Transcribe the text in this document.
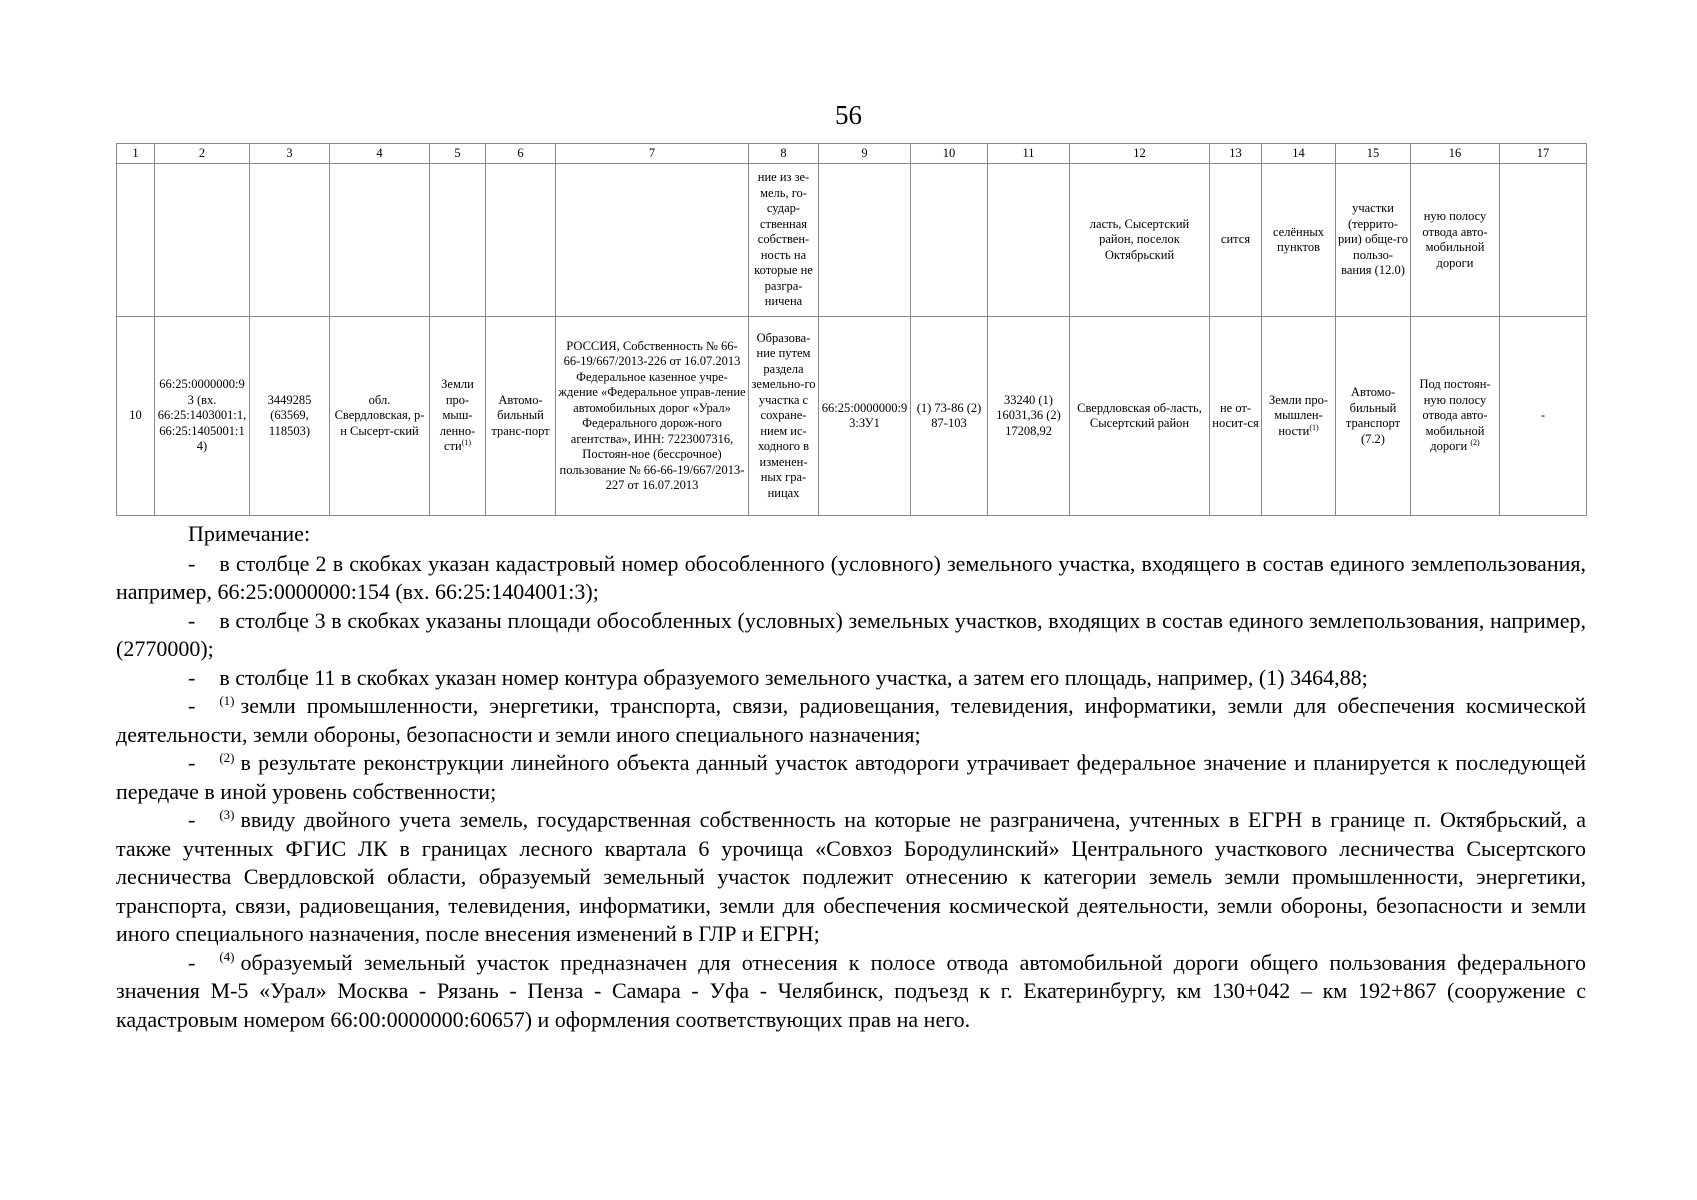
56
1	2	3	4	5	6	7	8	9	10	11	12	13	14	15	16	17
							ние из зе-мель, го-судар-ственная собствен-ность на которые не разгра-ничена				ласть, Сысертский район, поселок Октябрьский	сится	селённых пунктов	участки (террито-рии) обще-го пользо-вания (12.0)	ную полосу отвода авто-мобильной дороги	
10	66:25:0000000:93 (вх. 66:25:1403001:1, 66:25:1405001:14)	3449285 (63569, 118503)	обл. Свердловская, р-н Сысерт-ский	Земли про-мыш-ленно-сти$^{(1)}$	Автомо-бильный транс-порт	РОССИЯ, Собственность № 66-66-19/667/2013-226 от 16.07.2013 Федеральное казенное учре-ждение «Федеральное управ-ление автомобильных дорог «Урал» Федерального дорож-ного агентства», ИНН: 7223007316, Постоян-ное (бессрочное) пользование № 66-66-19/667/2013-227 от 16.07.2013	Образова-ние путем раздела земельно-го участка с сохране-нием ис-ходного в изменен-ных гра-ницах	66:25:0000000:93:ЗУ1	(1) 73-86 (2) 87-103	33240 (1) 16031,36 (2) 17208,92	Свердловская об-ласть, Сысертский район	не от-носит-ся	Земли про-мышлен-ности$^{(1)}$	Автомо-бильный транспорт (7.2)	Под постоян-ную полосу отвода авто-мобильной дороги $^{(2)}$	-
Примечание:

- в столбце 2 в скобках указан кадастровый номер обособленного (условного) земельного участка, входящего в состав единого землепользования, например, 66:25:0000000:154 (вх. 66:25:1404001:3);

- в столбце 3 в скобках указаны площади обособленных (условных) земельных участков, входящих в состав единого землепользования, например, (2770000);

- в столбце 11 в скобках указан номер контура образуемого земельного участка, а затем его площадь, например, (1) 3464,88;

- $^{(1)}$ земли промышленности, энергетики, транспорта, связи, радиовещания, телевидения, информатики, земли для обеспечения космической деятельности, земли обороны, безопасности и земли иного специального назначения;

- $^{(2)}$ в результате реконструкции линейного объекта данный участок автодороги утрачивает федеральное значение и планируется к последующей передаче в иной уровень собственности;

- $^{(3)}$ ввиду двойного учета земель, государственная собственность на которые не разграничена, учтенных в ЕГРН в границе п. Октябрьский, а также учтенных ФГИС ЛК в границах лесного квартала 6 урочища «Совхоз Бородулинский» Центрального участкового лесничества Сысертского лесничества Свердловской области, образуемый земельный участок подлежит отнесению к категории земель земли промышленности, энергетики, транспорта, связи, радиовещания, телевидения, информатики, земли для обеспечения космической деятельности, земли обороны, безопасности и земли иного специального назначения, после внесения изменений в ГЛР и ЕГРН;

- $^{(4)}$ образуемый земельный участок предназначен для отнесения к полосе отвода автомобильной дороги общего пользования федерального значения М-5 «Урал» Москва - Рязань - Пенза - Самара - Уфа - Челябинск, подъезд к г. Екатеринбургу, км 130+042 – км 192+867 (сооружение с кадастровым номером 66:00:0000000:60657) и оформления соответствующих прав на него.
